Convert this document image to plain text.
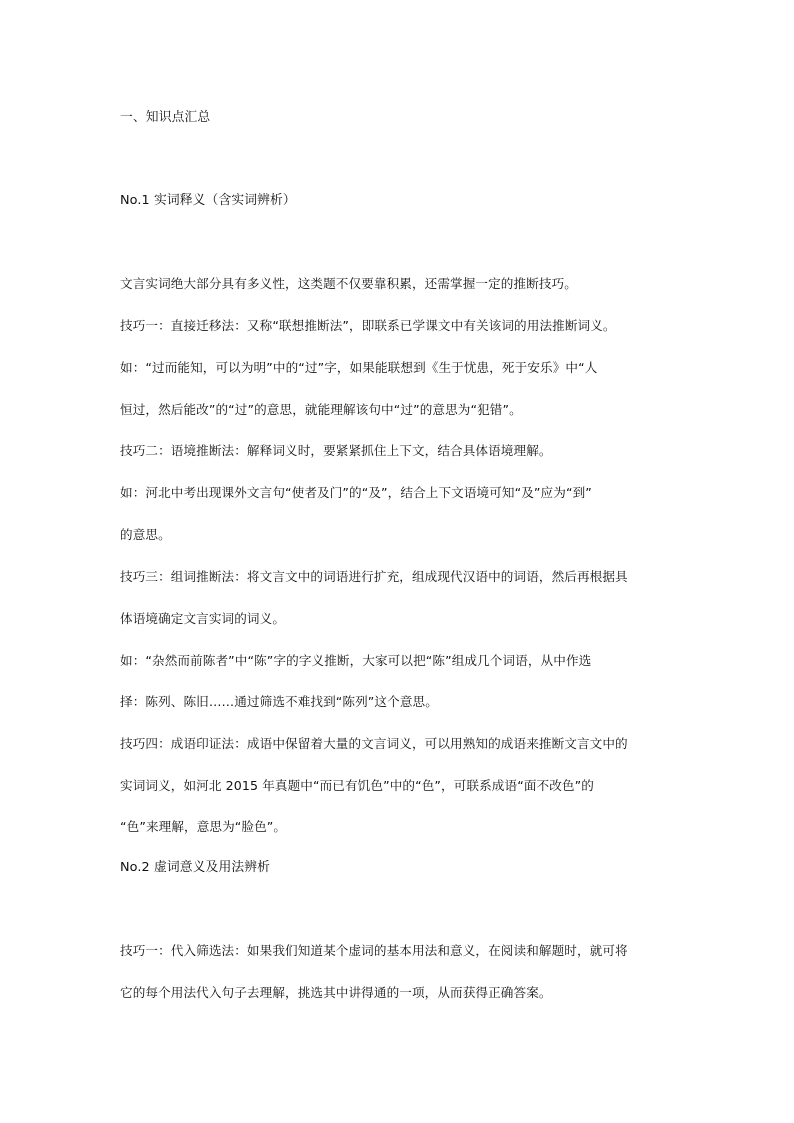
一、知识点汇总
No.1 实词释义（含实词辨析）
文言实词绝大部分具有多义性，这类题不仅要靠积累，还需掌握一定的推断技巧。
技巧一：直接迁移法：又称“联想推断法”，即联系已学课文中有关该词的用法推断词义。
如：“过而能知，可以为明”中的“过”字，如果能联想到《生于忧患，死于安乐》中“人
恒过，然后能改”的“过”的意思，就能理解该句中“过”的意思为“犯错”。
技巧二：语境推断法：解释词义时，要紧紧抓住上下文，结合具体语境理解。
如：河北中考出现课外文言句“使者及门”的“及”，结合上下文语境可知“及”应为“到”
的意思。
技巧三：组词推断法：将文言文中的词语进行扩充，组成现代汉语中的词语，然后再根据具
体语境确定文言实词的词义。
如：“杂然而前陈者”中“陈”字的字义推断，大家可以把“陈”组成几个词语，从中作选
择：陈列、陈旧……通过筛选不难找到“陈列”这个意思。
技巧四：成语印证法：成语中保留着大量的文言词义，可以用熟知的成语来推断文言文中的
实词词义，如河北 2015 年真题中“而已有饥色”中的“色”，可联系成语“面不改色”的
“色”来理解，意思为“脸色”。
No.2 虚词意义及用法辨析
技巧一：代入筛选法：如果我们知道某个虚词的基本用法和意义，在阅读和解题时，就可将
它的每个用法代入句子去理解，挑选其中讲得通的一项，从而获得正确答案。
